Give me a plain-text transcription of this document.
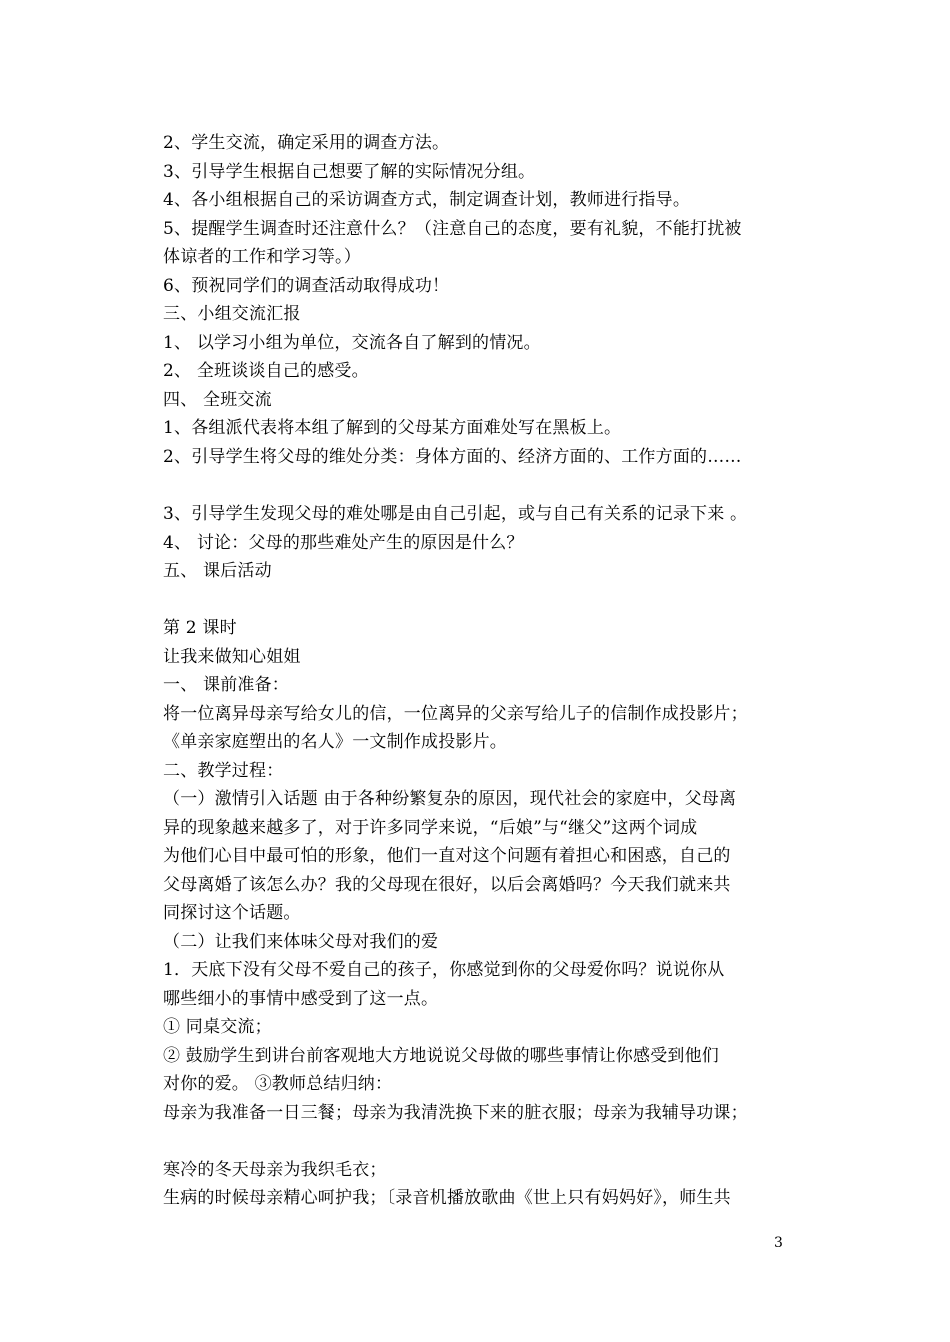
2、学生交流，确定采用的调查方法。
3、引导学生根据自己想要了解的实际情况分组。
4、各小组根据自己的采访调查方式，制定调查计划，教师进行指导。
5、提醒学生调查时还注意什么？（注意自己的态度，要有礼貌，不能打扰被
体谅者的工作和学习等。）
6、预祝同学们的调查活动取得成功！
三、小组交流汇报
1、 以学习小组为单位，交流各自了解到的情况。
2、 全班谈谈自己的感受。
四、 全班交流
1、各组派代表将本组了解到的父母某方面难处写在黑板上。
2、引导学生将父母的维处分类：身体方面的、经济方面的、工作方面的……
3、引导学生发现父母的难处哪是由自己引起，或与自己有关系的记录下来 。
4、 讨论：父母的那些难处产生的原因是什么？
五、 课后活动
第 2 课时
让我来做知心姐姐
一、 课前准备：
将一位离异母亲写给女儿的信，一位离异的父亲写给儿子的信制作成投影片；
《单亲家庭塑出的名人》一文制作成投影片。
二、教学过程：
（一）激情引入话题 由于各种纷繁复杂的原因，现代社会的家庭中，父母离
异的现象越来越多了，对于许多同学来说，“后娘”与“继父”这两个词成
为他们心目中最可怕的形象，他们一直对这个问题有着担心和困惑，自己的
父母离婚了该怎么办？我的父母现在很好，以后会离婚吗？今天我们就来共
同探讨这个话题。
（二）让我们来体味父母对我们的爱
1．天底下没有父母不爱自己的孩子，你感觉到你的父母爱你吗？说说你从
哪些细小的事情中感受到了这一点。
① 同桌交流；
② 鼓励学生到讲台前客观地大方地说说父母做的哪些事情让你感受到他们
对你的爱。 ③教师总结归纳：
母亲为我准备一日三餐；母亲为我清洗换下来的脏衣服；母亲为我辅导功课；
寒冷的冬天母亲为我织毛衣；
生病的时候母亲精心呵护我；〔录音机播放歌曲《世上只有妈妈好》，师生共
3
